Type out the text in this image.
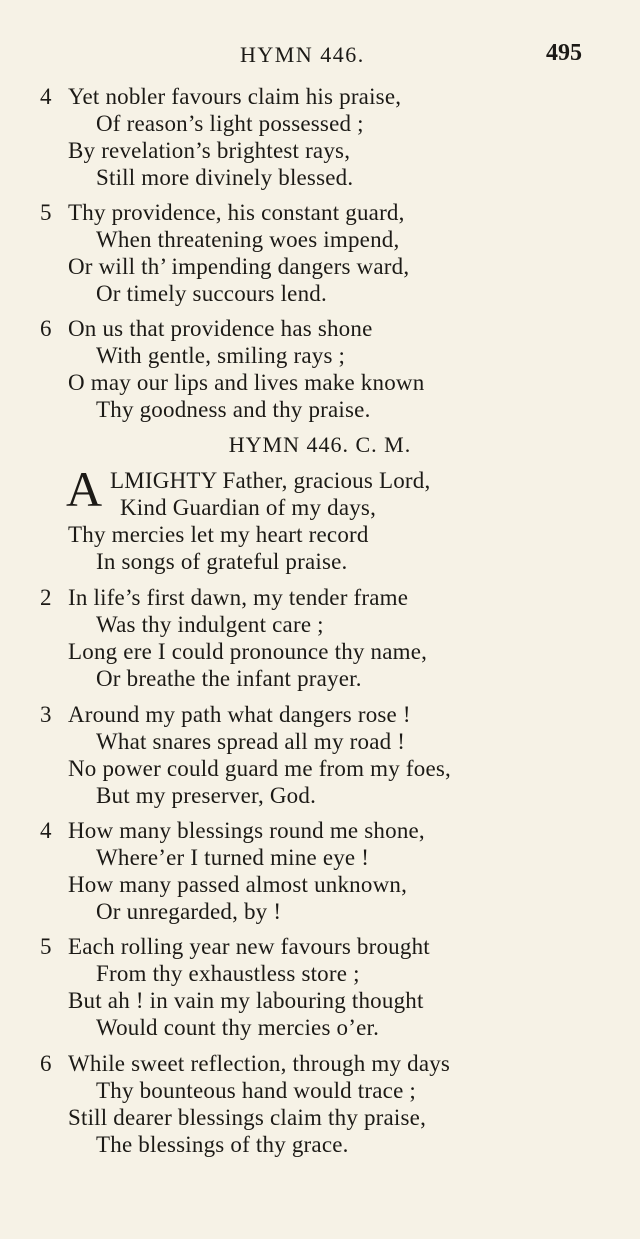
HYMN 446.	495
4 Yet nobler favours claim his praise,
Of reason’s light possessed ;
By revelation’s brightest rays,
Still more divinely blessed.
5 Thy providence, his constant guard,
When threatening woes impend,
Or will th’ impending dangers ward,
Or timely succours lend.
6 On us that providence has shone
With gentle, smiling rays ;
O may our lips and lives make known
Thy goodness and thy praise.
HYMN 446. C. M.
A LMIGHTY Father, gracious Lord,
Kind Guardian of my days,
Thy mercies let my heart record
In songs of grateful praise.
2 In life’s first dawn, my tender frame
Was thy indulgent care ;
Long ere I could pronounce thy name,
Or breathe the infant prayer.
3 Around my path what dangers rose !
What snares spread all my road !
No power could guard me from my foes,
But my preserver, God.
4 How many blessings round me shone,
Where’er I turned mine eye !
How many passed almost unknown,
Or unregarded, by !
5 Each rolling year new favours brought
From thy exhaustless store ;
But ah ! in vain my labouring thought
Would count thy mercies o’er.
6 While sweet reflection, through my days
Thy bounteous hand would trace ;
Still dearer blessings claim thy praise,
The blessings of thy grace.
